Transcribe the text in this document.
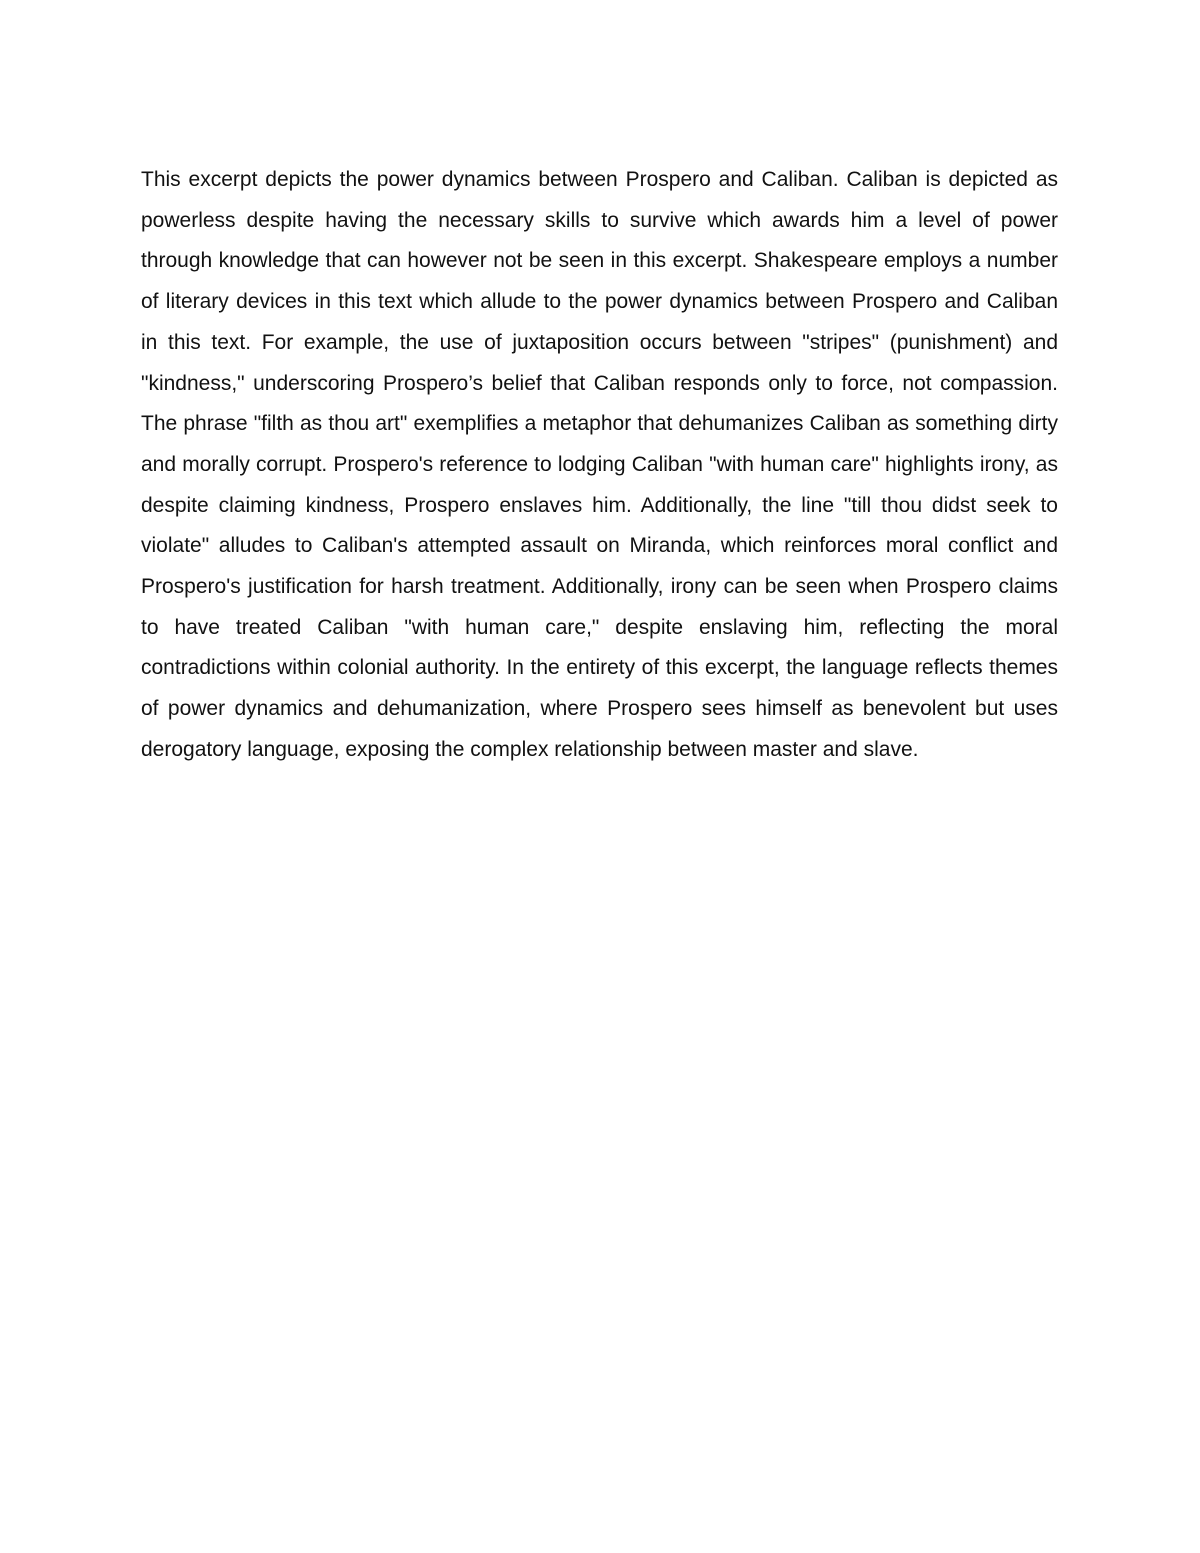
This excerpt depicts the power dynamics between Prospero and Caliban. Caliban is depicted as powerless despite having the necessary skills to survive which awards him a level of power through knowledge that can however not be seen in this excerpt. Shakespeare employs a number of literary devices in this text which allude to the power dynamics between Prospero and Caliban in this text. For example, the use of juxtaposition occurs between "stripes" (punishment) and "kindness," underscoring Prospero’s belief that Caliban responds only to force, not compassion. The phrase "filth as thou art" exemplifies a metaphor that dehumanizes Caliban as something dirty and morally corrupt. Prospero's reference to lodging Caliban "with human care" highlights irony, as despite claiming kindness, Prospero enslaves him. Additionally, the line "till thou didst seek to violate" alludes to Caliban's attempted assault on Miranda, which reinforces moral conflict and Prospero's justification for harsh treatment. Additionally, irony can be seen when Prospero claims to have treated Caliban "with human care," despite enslaving him, reflecting the moral contradictions within colonial authority. In the entirety of this excerpt, the language reflects themes of power dynamics and dehumanization, where Prospero sees himself as benevolent but uses derogatory language, exposing the complex relationship between master and slave.
